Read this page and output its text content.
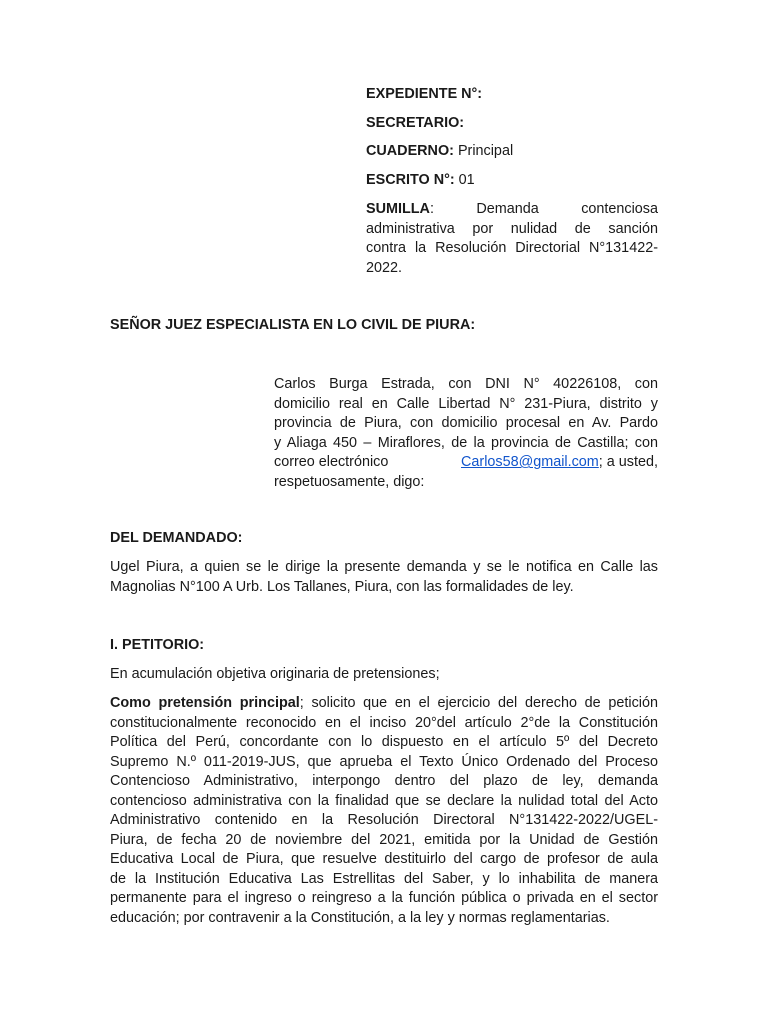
EXPEDIENTE N°:
SECRETARIO:
CUADERNO: Principal
ESCRITO N°: 01
SUMILLA: Demanda contenciosa
administrativa por nulidad de sanción
contra la Resolución Directorial N°131422-
2022.
SEÑOR JUEZ ESPECIALISTA EN LO CIVIL DE PIURA:
Carlos Burga Estrada, con DNI N° 40226108, con
domicilio real en Calle Libertad N° 231-Piura, distrito y
provincia de Piura, con domicilio procesal en Av. Pardo
y Aliaga 450 – Miraflores, de la provincia de Castilla; con
correo electrónico	Carlos58@gmail.com; a usted,
respetuosamente, digo:
DEL DEMANDADO:
Ugel Piura, a quien se le dirige la presente demanda y se le notifica en Calle las
Magnolias N°100 A Urb. Los Tallanes, Piura, con las formalidades de ley.
I. PETITORIO:
En acumulación objetiva originaria de pretensiones;
Como pretensión principal; solicito que en el ejercicio del derecho de petición
constitucionalmente reconocido en el inciso 20°del artículo 2°de la Constitución
Política del Perú, concordante con lo dispuesto en el artículo 5º del Decreto
Supremo N.º 011-2019-JUS, que aprueba el Texto Único Ordenado del Proceso
Contencioso Administrativo, interpongo dentro del plazo de ley, demanda
contencioso administrativa con la finalidad que se declare la nulidad total del Acto
Administrativo contenido en la Resolución Directoral N°131422-2022/UGEL-
Piura, de fecha 20 de noviembre del 2021, emitida por la Unidad de Gestión
Educativa Local de Piura, que resuelve destituirlo del cargo de profesor de aula
de la Institución Educativa Las Estrellitas del Saber, y lo inhabilita de manera
permanente para el ingreso o reingreso a la función pública o privada en el sector
educación; por contravenir a la Constitución, a la ley y normas reglamentarias.
